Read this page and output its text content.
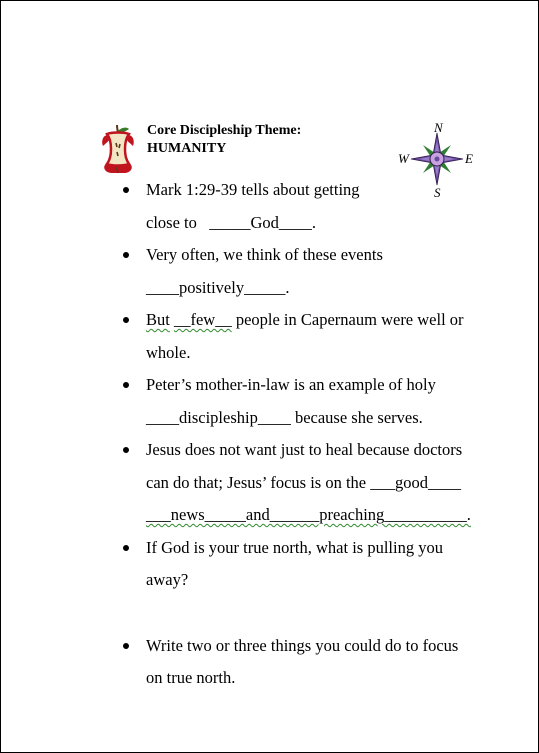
Core Discipleship Theme:
HUMANITY
N
S
E
W
Mark 1:29-39 tells about getting
close to   _____God____.
Very often, we think of these events
____positively_____.
But __few__ people in Capernaum were well or
whole.
Peter’s mother-in-law is an example of holy
____discipleship____ because she serves.
Jesus does not want just to heal because doctors
can do that; Jesus’ focus is on the ___good____
___news_____and______preaching__________.
If God is your true north, what is pulling you
away?
Write two or three things you could do to focus
on true north.
